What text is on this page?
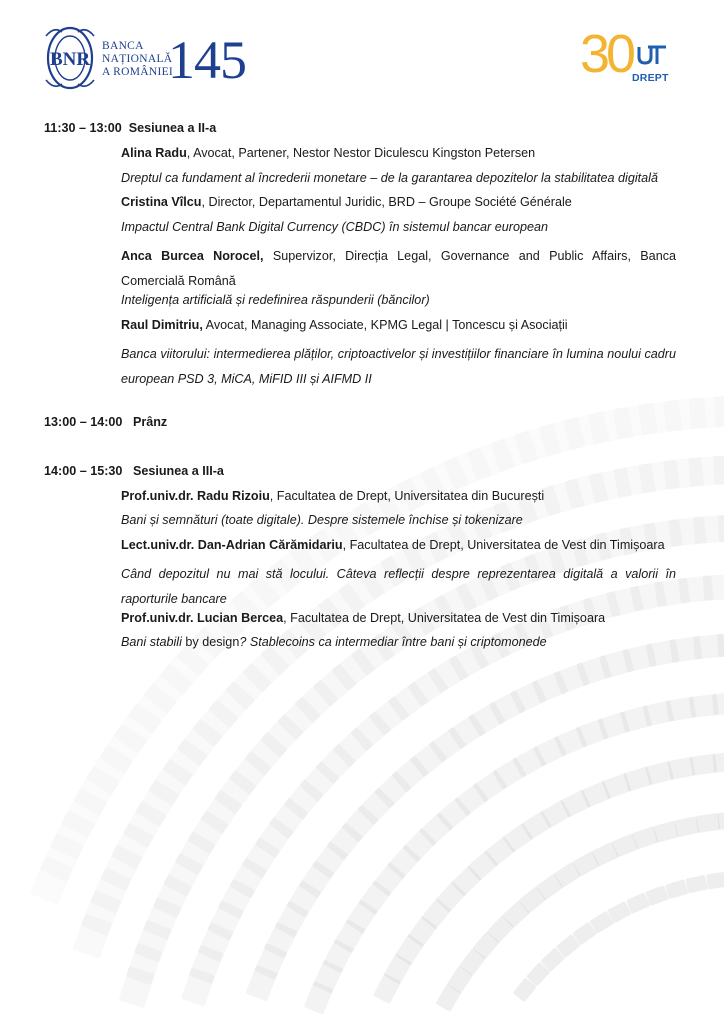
BNR
BANCA
NAȚIONALĂ
A ROMÂNIEI
145	30 DREPT
11:30 – 13:00 Sesiunea a II-a
Alina Radu, Avocat, Partener, Nestor Nestor Diculescu Kingston Petersen
Dreptul ca fundament al încrederii monetare – de la garantarea depozitelor la stabilitatea digitală
Cristina Vîlcu, Director, Departamentul Juridic, BRD – Groupe Société Générale
Impactul Central Bank Digital Currency (CBDC) în sistemul bancar european
Anca Burcea Norocel, Supervizor, Direcția Legal, Governance and Public Affairs, Banca Comercială Română
Inteligența artificială și redefinirea răspunderii (băncilor)
Raul Dimitriu, Avocat, Managing Associate, KPMG Legal | Toncescu și Asociații
Banca viitorului: intermedierea plăților, criptoactivelor și investițiilor financiare în lumina noului cadru european PSD 3, MiCA, MiFID III și AIFMD II
13:00 – 14:00 Prânz
14:00 – 15:30 Sesiunea a III-a
Prof.univ.dr. Radu Rizoiu, Facultatea de Drept, Universitatea din București
Bani și semnături (toate digitale). Despre sistemele închise și tokenizare
Lect.univ.dr. Dan-Adrian Cărămidariu, Facultatea de Drept, Universitatea de Vest din Timișoara
Când depozitul nu mai stă locului. Câteva reflecții despre reprezentarea digitală a valorii în raporturile bancare
Prof.univ.dr. Lucian Bercea, Facultatea de Drept, Universitatea de Vest din Timișoara
Bani stabili by design? Stablecoins ca intermediar între bani și criptomonede
